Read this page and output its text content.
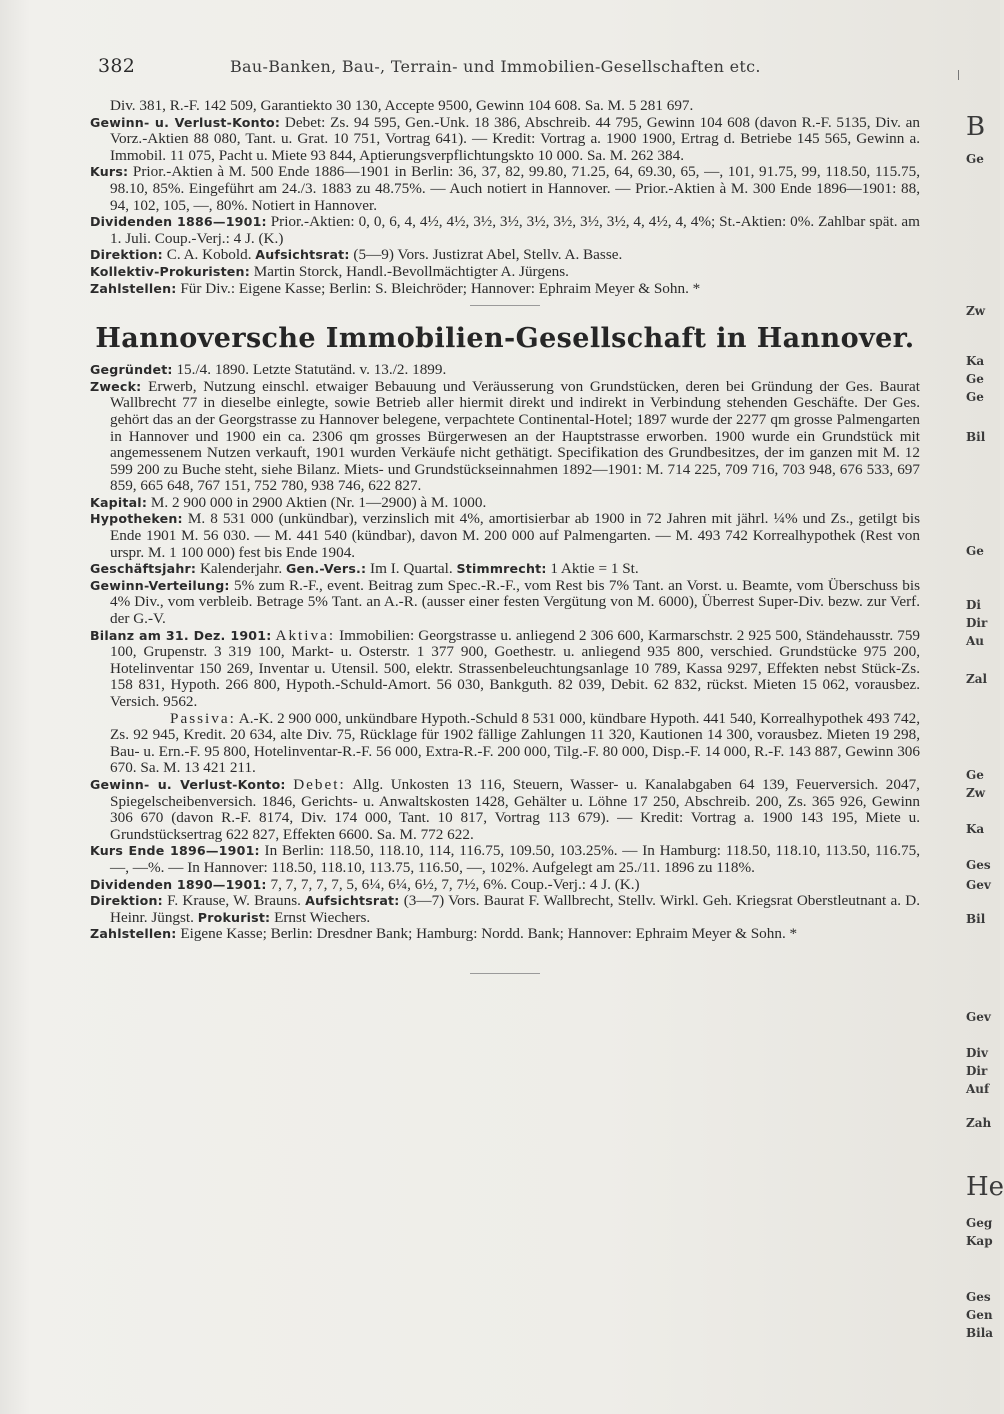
382	Bau-Banken, Bau-, Terrain- und Immobilien-Gesellschaften etc.

Div. 381, R.-F. 142 509, Garantiekto 30 130, Accepte 9500, Gewinn 104 608. Sa. M. 5 281 697.

Gewinn- u. Verlust-Konto: Debet: Zs. 94 595, Gen.-Unk. 18 386, Abschreib. 44 795, Gewinn 104 608 (davon R.-F. 5135, Div. an Vorz.-Aktien 88 080, Tant. u. Grat. 10 751, Vortrag 641). — Kredit: Vortrag a. 1900 1900, Ertrag d. Betriebe 145 565, Gewinn a. Immobil. 11 075, Pacht u. Miete 93 844, Aptierungsverpflichtungskto 10 000. Sa. M. 262 384.

Kurs: Prior.-Aktien à M. 500 Ende 1886—1901 in Berlin: 36, 37, 82, 99.80, 71.25, 64, 69.30, 65, —, 101, 91.75, 99, 118.50, 115.75, 98.10, 85%. Eingeführt am 24./3. 1883 zu 48.75%. — Auch notiert in Hannover. — Prior.-Aktien à M. 300 Ende 1896—1901: 88, 94, 102, 105, —, 80%. Notiert in Hannover.

Dividenden 1886—1901: Prior.-Aktien: 0, 0, 6, 4, 4½, 4½, 3½, 3½, 3½, 3½, 3½, 3½, 4, 4½, 4, 4%; St.-Aktien: 0%. Zahlbar spät. am 1. Juli. Coup.-Verj.: 4 J. (K.)

Direktion: C. A. Kobold. Aufsichtsrat: (5—9) Vors. Justizrat Abel, Stellv. A. Basse.

Kollektiv-Prokuristen: Martin Storck, Handl.-Bevollmächtigter A. Jürgens.

Zahlstellen: Für Div.: Eigene Kasse; Berlin: S. Bleichröder; Hannover: Ephraim Meyer & Sohn. *

Hannoversche Immobilien-Gesellschaft in Hannover.

Gegründet: 15./4. 1890. Letzte Statutänd. v. 13./2. 1899.

Zweck: Erwerb, Nutzung einschl. etwaiger Bebauung und Veräusserung von Grundstücken, deren bei Gründung der Ges. Baurat Wallbrecht 77 in dieselbe einlegte, sowie Betrieb aller hiermit direkt und indirekt in Verbindung stehenden Geschäfte. Der Ges. gehört das an der Georgstrasse zu Hannover belegene, verpachtete Continental-Hotel; 1897 wurde der 2277 qm grosse Palmengarten in Hannover und 1900 ein ca. 2306 qm grosses Bürgerwesen an der Hauptstrasse erworben. 1900 wurde ein Grundstück mit angemessenem Nutzen verkauft, 1901 wurden Verkäufe nicht gethätigt. Specifikation des Grundbesitzes, der im ganzen mit M. 12 599 200 zu Buche steht, siehe Bilanz. Miets- und Grundstückseinnahmen 1892—1901: M. 714 225, 709 716, 703 948, 676 533, 697 859, 665 648, 767 151, 752 780, 938 746, 622 827.

Kapital: M. 2 900 000 in 2900 Aktien (Nr. 1—2900) à M. 1000.

Hypotheken: M. 8 531 000 (unkündbar), verzinslich mit 4%, amortisierbar ab 1900 in 72 Jahren mit jährl. ¼% und Zs., getilgt bis Ende 1901 M. 56 030. — M. 441 540 (kündbar), davon M. 200 000 auf Palmengarten. — M. 493 742 Korrealhypothek (Rest von urspr. M. 1 100 000) fest bis Ende 1904.

Geschäftsjahr: Kalenderjahr. Gen.-Vers.: Im I. Quartal. Stimmrecht: 1 Aktie = 1 St.

Gewinn-Verteilung: 5% zum R.-F., event. Beitrag zum Spec.-R.-F., vom Rest bis 7% Tant. an Vorst. u. Beamte, vom Überschuss bis 4% Div., vom verbleib. Betrage 5% Tant. an A.-R. (ausser einer festen Vergütung von M. 6000), Überrest Super-Div. bezw. zur Verf. der G.-V.

Bilanz am 31. Dez. 1901: Aktiva: Immobilien: Georgstrasse u. anliegend 2 306 600, Karmarschstr. 2 925 500, Ständehausstr. 759 100, Grupenstr. 3 319 100, Markt- u. Osterstr. 1 377 900, Goethestr. u. anliegend 935 800, verschied. Grundstücke 975 200, Hotelinventar 150 269, Inventar u. Utensil. 500, elektr. Strassenbeleuchtungsanlage 10 789, Kassa 9297, Effekten nebst Stück-Zs. 158 831, Hypoth. 266 800, Hypoth.-Schuld-Amort. 56 030, Bankguth. 82 039, Debit. 62 832, rückst. Mieten 15 062, vorausbez. Versich. 9562.

Passiva: A.-K. 2 900 000, unkündbare Hypoth.-Schuld 8 531 000, kündbare Hypoth. 441 540, Korrealhypothek 493 742, Zs. 92 945, Kredit. 20 634, alte Div. 75, Rücklage für 1902 fällige Zahlungen 11 320, Kautionen 14 300, vorausbez. Mieten 19 298, Bau- u. Ern.-F. 95 800, Hotelinventar-R.-F. 56 000, Extra-R.-F. 200 000, Tilg.-F. 80 000, Disp.-F. 14 000, R.-F. 143 887, Gewinn 306 670. Sa. M. 13 421 211.

Gewinn- u. Verlust-Konto: Debet: Allg. Unkosten 13 116, Steuern, Wasser- u. Kanalabgaben 64 139, Feuerversich. 2047, Spiegelscheibenversich. 1846, Gerichts- u. Anwaltskosten 1428, Gehälter u. Löhne 17 250, Abschreib. 200, Zs. 365 926, Gewinn 306 670 (davon R.-F. 8174, Div. 174 000, Tant. 10 817, Vortrag 113 679). — Kredit: Vortrag a. 1900 143 195, Miete u. Grundstücksertrag 622 827, Effekten 6600. Sa. M. 772 622.

Kurs Ende 1896—1901: In Berlin: 118.50, 118.10, 114, 116.75, 109.50, 103.25%. — In Hamburg: 118.50, 118.10, 113.50, 116.75, —, —%. — In Hannover: 118.50, 118.10, 113.75, 116.50, —, 102%. Aufgelegt am 25./11. 1896 zu 118%.

Dividenden 1890—1901: 7, 7, 7, 7, 7, 5, 6¼, 6¼, 6½, 7, 7½, 6%. Coup.-Verj.: 4 J. (K.)

Direktion: F. Krause, W. Brauns. Aufsichtsrat: (3—7) Vors. Baurat F. Wallbrecht, Stellv. Wirkl. Geh. Kriegsrat Oberstleutnant a. D. Heinr. Jüngst. Prokurist: Ernst Wiechers.

Zahlstellen: Eigene Kasse; Berlin: Dresdner Bank; Hamburg: Nordd. Bank; Hannover: Ephraim Meyer & Sohn. *

B
Ge
Zw
Ka
Ge
Ge
Bil
Ge
Di
Dir
Au
Zal
Ge
Zw
Ka
Ges
Gev
Bil
Gev
Div
Dir
Auf
Zah
He
Geg
Kap
Ges
Gen
Bila
